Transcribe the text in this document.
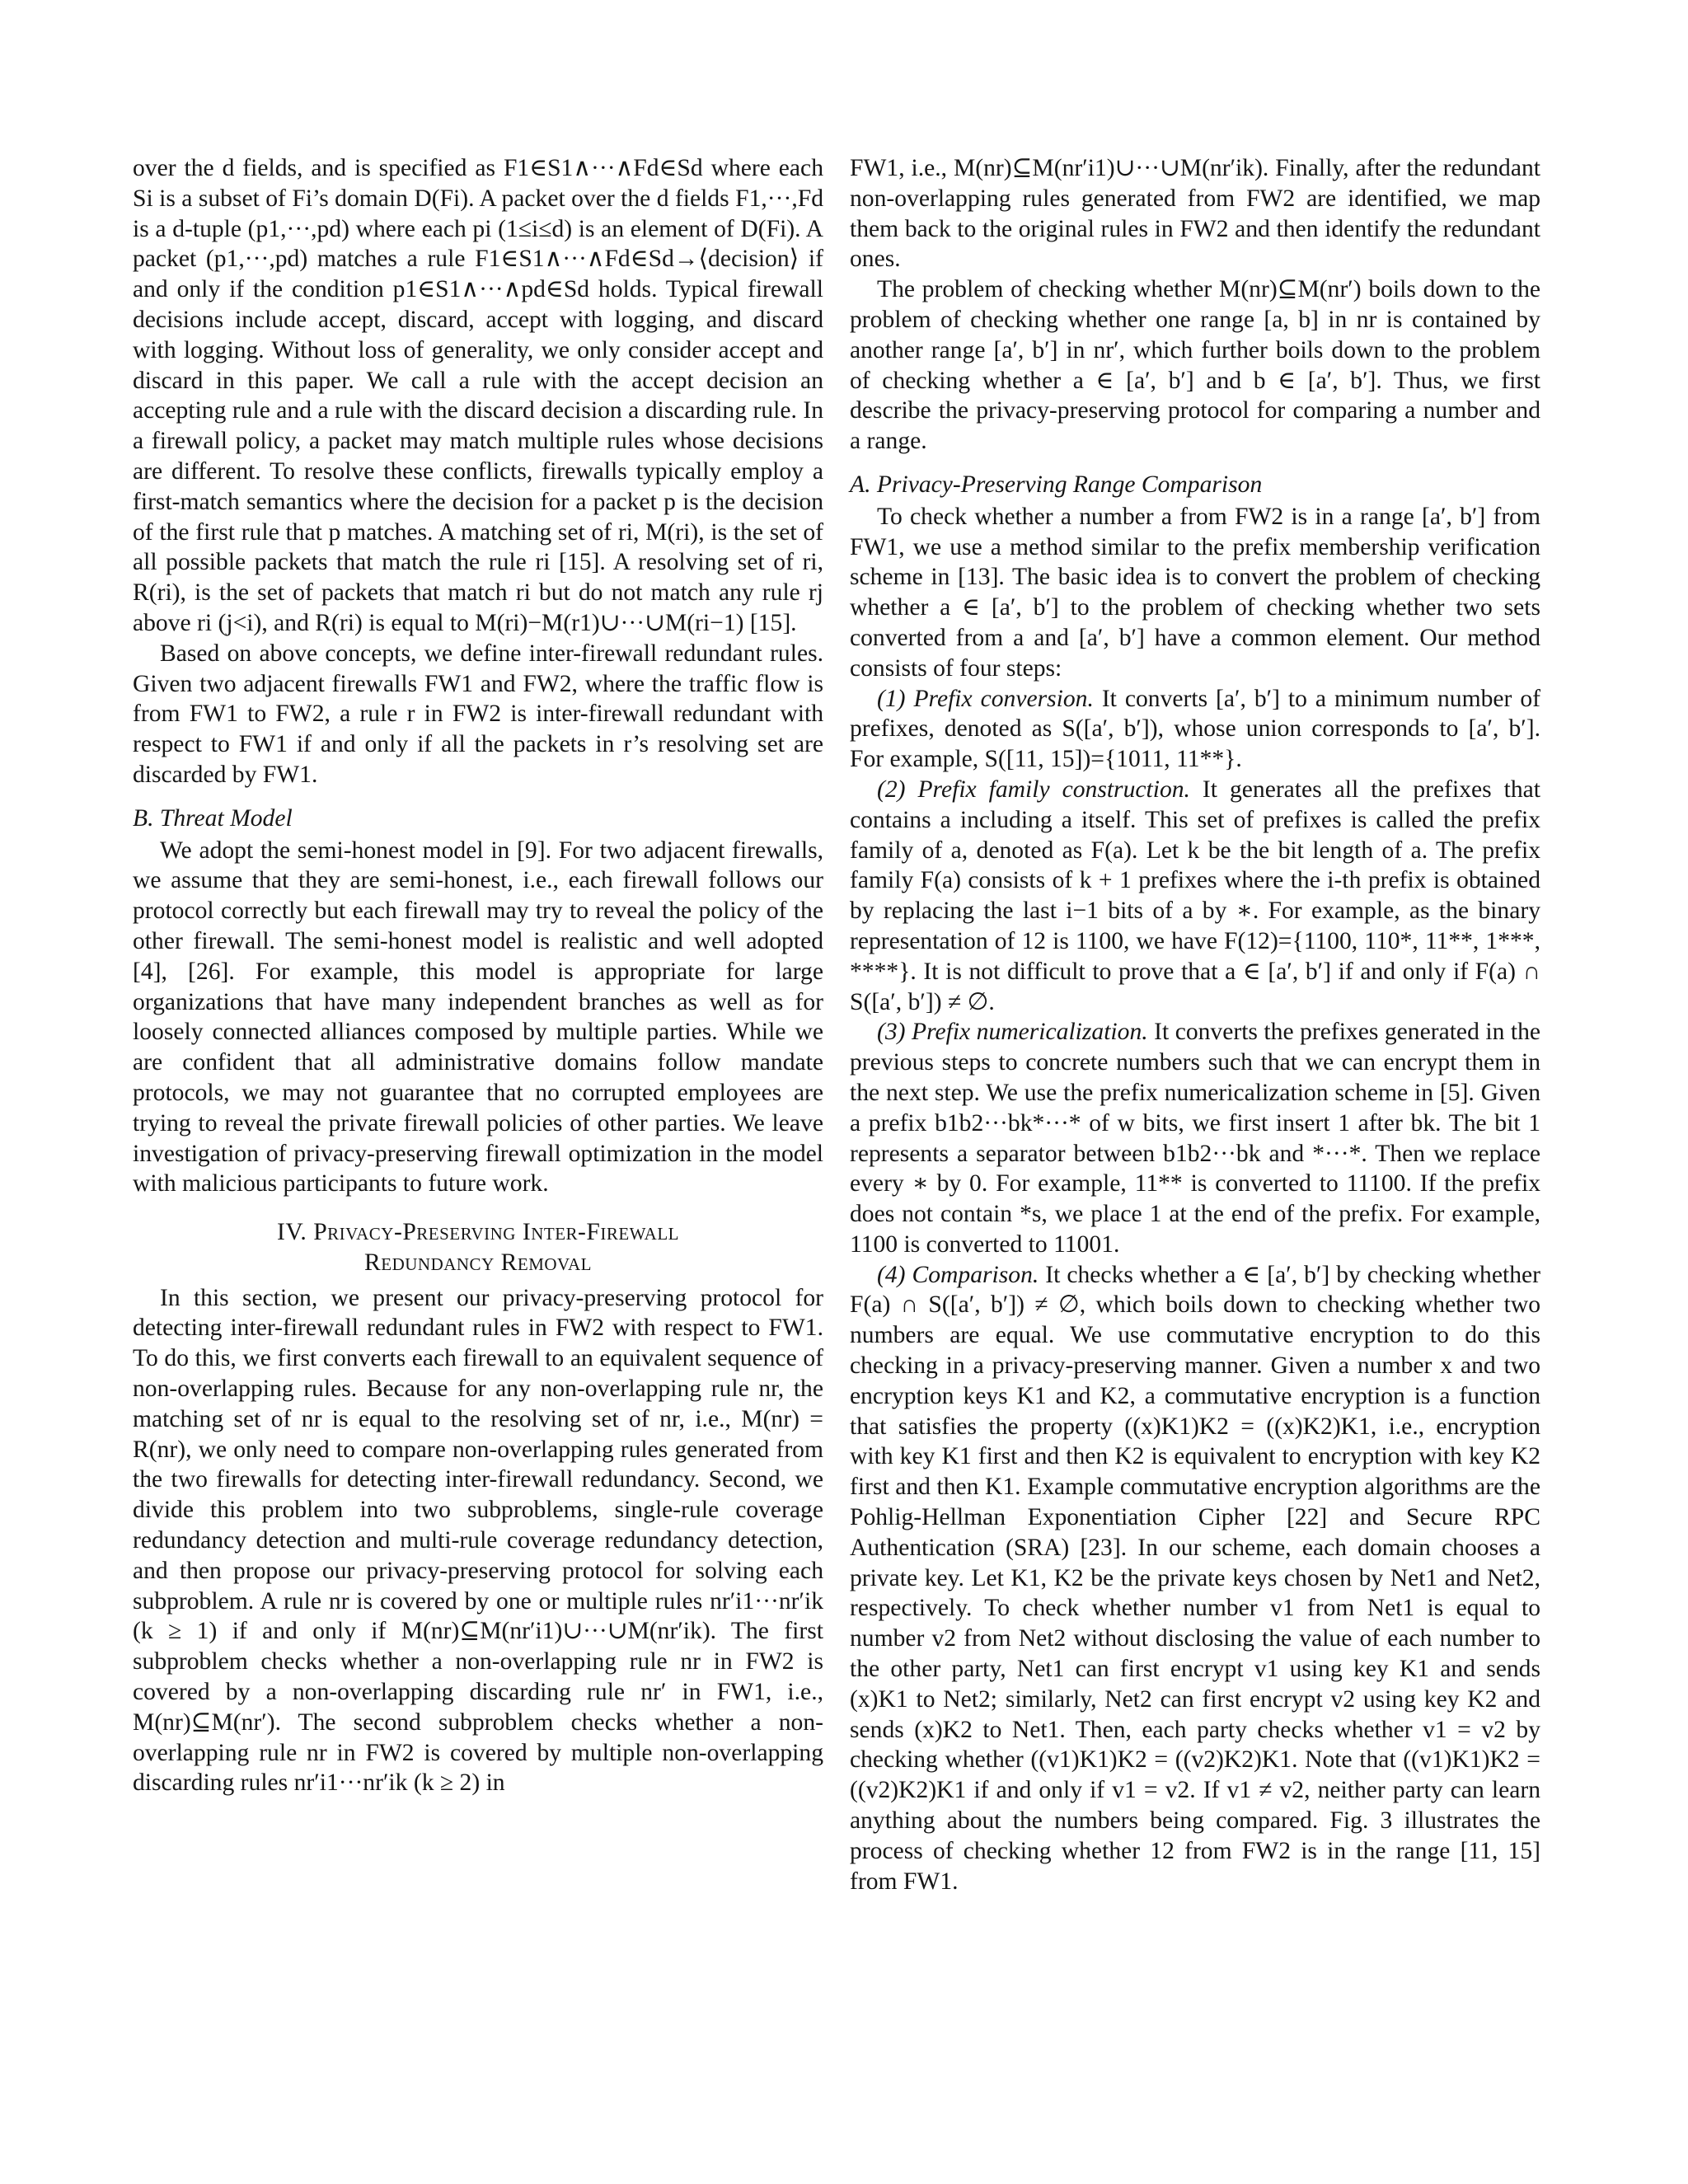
over the d fields, and is specified as F1∈S1∧···∧Fd∈Sd where each Si is a subset of Fi’s domain D(Fi). A packet over the d fields F1,···,Fd is a d-tuple (p1,···,pd) where each pi (1≤i≤d) is an element of D(Fi). A packet (p1,···,pd) matches a rule F1∈S1∧···∧Fd∈Sd→⟨decision⟩ if and only if the condition p1∈S1∧···∧pd∈Sd holds. Typical firewall decisions include accept, discard, accept with logging, and discard with logging. Without loss of generality, we only consider accept and discard in this paper. We call a rule with the accept decision an accepting rule and a rule with the discard decision a discarding rule. In a firewall policy, a packet may match multiple rules whose decisions are different. To resolve these conflicts, firewalls typically employ a first-match semantics where the decision for a packet p is the decision of the first rule that p matches. A matching set of ri, M(ri), is the set of all possible packets that match the rule ri [15]. A resolving set of ri, R(ri), is the set of packets that match ri but do not match any rule rj above ri (j<i), and R(ri) is equal to M(ri)−M(r1)∪···∪M(ri−1) [15].

Based on above concepts, we define inter-firewall redundant rules. Given two adjacent firewalls FW1 and FW2, where the traffic flow is from FW1 to FW2, a rule r in FW2 is inter-firewall redundant with respect to FW1 if and only if all the packets in r’s resolving set are discarded by FW1.

B. Threat Model

We adopt the semi-honest model in [9]. For two adjacent firewalls, we assume that they are semi-honest, i.e., each firewall follows our protocol correctly but each firewall may try to reveal the policy of the other firewall. The semi-honest model is realistic and well adopted [4], [26]. For example, this model is appropriate for large organizations that have many independent branches as well as for loosely connected alliances composed by multiple parties. While we are confident that all administrative domains follow mandate protocols, we may not guarantee that no corrupted employees are trying to reveal the private firewall policies of other parties. We leave investigation of privacy-preserving firewall optimization in the model with malicious participants to future work.

IV. Privacy-Preserving Inter-Firewall
Redundancy Removal

In this section, we present our privacy-preserving protocol for detecting inter-firewall redundant rules in FW2 with respect to FW1. To do this, we first converts each firewall to an equivalent sequence of non-overlapping rules. Because for any non-overlapping rule nr, the matching set of nr is equal to the resolving set of nr, i.e., M(nr) = R(nr), we only need to compare non-overlapping rules generated from the two firewalls for detecting inter-firewall redundancy. Second, we divide this problem into two subproblems, single-rule coverage redundancy detection and multi-rule coverage redundancy detection, and then propose our privacy-preserving protocol for solving each subproblem. A rule nr is covered by one or multiple rules nr′i1···nr′ik (k ≥ 1) if and only if M(nr)⊆M(nr′i1)∪···∪M(nr′ik). The first subproblem checks whether a non-overlapping rule nr in FW2 is covered by a non-overlapping discarding rule nr′ in FW1, i.e., M(nr)⊆M(nr′). The second subproblem checks whether a non-overlapping rule nr in FW2 is covered by multiple non-overlapping discarding rules nr′i1···nr′ik (k ≥ 2) in

FW1, i.e., M(nr)⊆M(nr′i1)∪···∪M(nr′ik). Finally, after the redundant non-overlapping rules generated from FW2 are identified, we map them back to the original rules in FW2 and then identify the redundant ones.

The problem of checking whether M(nr)⊆M(nr′) boils down to the problem of checking whether one range [a, b] in nr is contained by another range [a′, b′] in nr′, which further boils down to the problem of checking whether a ∈ [a′, b′] and b ∈ [a′, b′]. Thus, we first describe the privacy-preserving protocol for comparing a number and a range.

A. Privacy-Preserving Range Comparison

To check whether a number a from FW2 is in a range [a′, b′] from FW1, we use a method similar to the prefix membership verification scheme in [13]. The basic idea is to convert the problem of checking whether a ∈ [a′, b′] to the problem of checking whether two sets converted from a and [a′, b′] have a common element. Our method consists of four steps:

(1) Prefix conversion. It converts [a′, b′] to a minimum number of prefixes, denoted as S([a′, b′]), whose union corresponds to [a′, b′]. For example, S([11, 15])={1011, 11**}.

(2) Prefix family construction. It generates all the prefixes that contains a including a itself. This set of prefixes is called the prefix family of a, denoted as F(a). Let k be the bit length of a. The prefix family F(a) consists of k + 1 prefixes where the i-th prefix is obtained by replacing the last i−1 bits of a by ∗. For example, as the binary representation of 12 is 1100, we have F(12)={1100, 110*, 11**, 1***, ****}. It is not difficult to prove that a ∈ [a′, b′] if and only if F(a) ∩ S([a′, b′]) ≠ ∅.

(3) Prefix numericalization. It converts the prefixes generated in the previous steps to concrete numbers such that we can encrypt them in the next step. We use the prefix numericalization scheme in [5]. Given a prefix b1b2···bk*···* of w bits, we first insert 1 after bk. The bit 1 represents a separator between b1b2···bk and *···*. Then we replace every ∗ by 0. For example, 11** is converted to 11100. If the prefix does not contain *s, we place 1 at the end of the prefix. For example, 1100 is converted to 11001.

(4) Comparison. It checks whether a ∈ [a′, b′] by checking whether F(a) ∩ S([a′, b′]) ≠ ∅, which boils down to checking whether two numbers are equal. We use commutative encryption to do this checking in a privacy-preserving manner. Given a number x and two encryption keys K1 and K2, a commutative encryption is a function that satisfies the property ((x)K1)K2 = ((x)K2)K1, i.e., encryption with key K1 first and then K2 is equivalent to encryption with key K2 first and then K1. Example commutative encryption algorithms are the Pohlig-Hellman Exponentiation Cipher [22] and Secure RPC Authentication (SRA) [23]. In our scheme, each domain chooses a private key. Let K1, K2 be the private keys chosen by Net1 and Net2, respectively. To check whether number v1 from Net1 is equal to number v2 from Net2 without disclosing the value of each number to the other party, Net1 can first encrypt v1 using key K1 and sends (x)K1 to Net2; similarly, Net2 can first encrypt v2 using key K2 and sends (x)K2 to Net1. Then, each party checks whether v1 = v2 by checking whether ((v1)K1)K2 = ((v2)K2)K1. Note that ((v1)K1)K2 =((v2)K2)K1 if and only if v1 = v2. If v1 ≠ v2, neither party can learn anything about the numbers being compared. Fig. 3 illustrates the process of checking whether 12 from FW2 is in the range [11, 15] from FW1.
